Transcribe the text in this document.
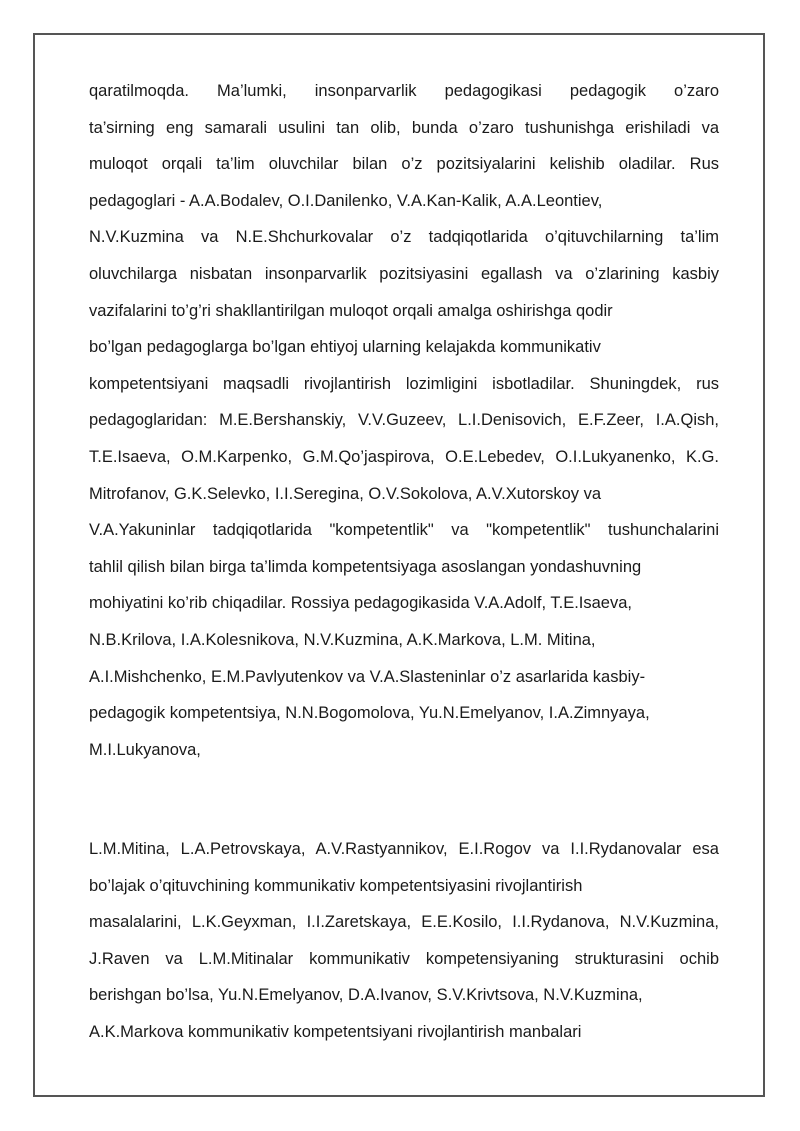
qaratilmoqda. Ma’lumki, insonparvarlik pedagogikasi pedagogik o’zaro
ta’sirning eng samarali usulini tan olib, bunda o’zaro tushunishga erishiladi va
muloqot orqali ta’lim oluvchilar bilan o’z pozitsiyalarini kelishib oladilar. Rus
pedagoglari - A.A.Bodalev, O.I.Danilenko, V.A.Kan-Kalik, A.A.Leontiev,
N.V.Kuzmina va N.E.Shchurkovalar o’z tadqiqotlarida o’qituvchilarning ta’lim
oluvchilarga nisbatan insonparvarlik pozitsiyasini egallash va o’zlarining kasbiy
vazifalarini to’g’ri shakllantirilgan muloqot orqali amalga oshirishga qodir
bo’lgan pedagoglarga bo’lgan ehtiyoj ularning kelajakda kommunikativ
kompetentsiyani maqsadli rivojlantirish lozimligini isbotladilar. Shuningdek, rus
pedagoglaridan: M.E.Bershanskiy, V.V.Guzeev, L.I.Denisovich, E.F.Zeer, I.A.Qish,
T.E.Isaeva, O.M.Karpenko, G.M.Qo’jaspirova, O.E.Lebedev, O.I.Lukyanenko, K.G.
Mitrofanov, G.K.Selevko, I.I.Seregina, O.V.Sokolova, A.V.Xutorskoy va
V.A.Yakuninlar tadqiqotlarida "kompetentlik" va "kompetentlik" tushunchalarini
tahlil qilish bilan birga ta’limda kompetentsiyaga asoslangan yondashuvning
mohiyatini ko’rib chiqadilar. Rossiya pedagogikasida V.A.Adolf, T.E.Isaeva,
N.B.Krilova, I.A.Kolesnikova, N.V.Kuzmina, A.K.Markova, L.M. Mitina,
A.I.Mishchenko, E.M.Pavlyutenkov va V.A.Slasteninlar o’z asarlarida kasbiy-
pedagogik kompetentsiya, N.N.Bogomolova, Yu.N.Emelyanov, I.A.Zimnyaya,
M.I.Lukyanova,
L.M.Mitina, L.A.Petrovskaya, A.V.Rastyannikov, E.I.Rogov va I.I.Rydanovalar esa
bo’lajak o’qituvchining kommunikativ kompetentsiyasini rivojlantirish
masalalarini, L.K.Geyxman, I.I.Zaretskaya, E.E.Kosilo, I.I.Rydanova, N.V.Kuzmina,
J.Raven va L.M.Mitinalar kommunikativ kompetensiyaning strukturasini ochib
berishgan bo’lsa, Yu.N.Emelyanov, D.A.Ivanov, S.V.Krivtsova, N.V.Kuzmina,
A.K.Markova kommunikativ kompetentsiyani rivojlantirish manbalari
